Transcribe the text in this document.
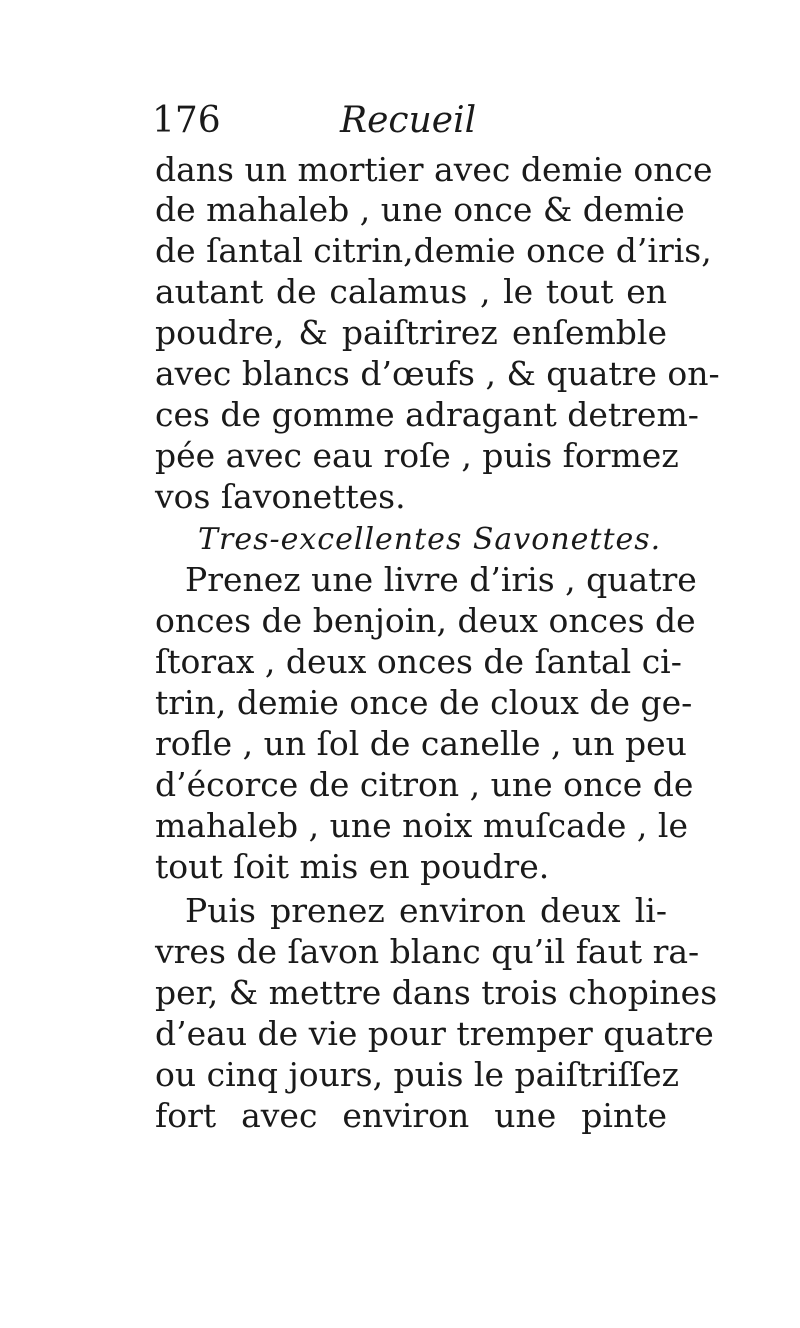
176	Recueil
dans un mortier avec demie once
de mahaleb , une once & demie
de ſantal citrin,demie once d’iris,
autant de calamus , le tout en
poudre, & paiſtrirez enſemble
avec blancs d’œufs , & quatre on-
ces de gomme adragant detrem-
pée avec eau roſe , puis formez
vos ſavonettes.
Tres-excellentes Savonettes.
Prenez une livre d’iris , quatre
onces de benjoin, deux onces de
ſtorax , deux onces de ſantal ci-
trin, demie once de cloux de ge-
rofle , un ſol de canelle , un peu
d’écorce de citron , une once de
mahaleb , une noix muſcade , le
tout ſoit mis en poudre.
Puis prenez environ deux li-
vres de ſavon blanc qu’il faut ra-
per, & mettre dans trois chopines
d’eau de vie pour tremper quatre
ou cinq jours, puis le paiſtriſſez
fort avec environ une pinte
